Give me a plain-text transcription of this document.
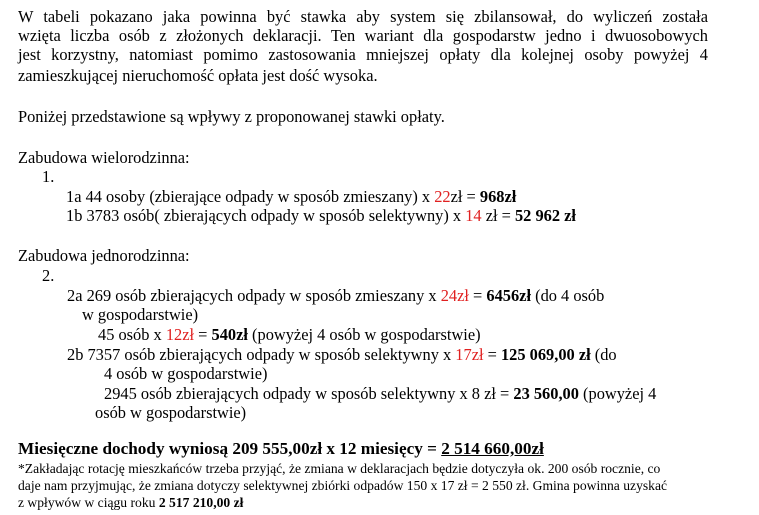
W tabeli pokazano jaka powinna być stawka aby system się zbilansował, do wyliczeń została
wzięta liczba osób z złożonych deklaracji. Ten wariant dla gospodarstw jedno i dwuosobowych
jest korzystny, natomiast pomimo zastosowania mniejszej opłaty dla kolejnej osoby powyżej 4
zamieszkującej nieruchomość opłata jest dość wysoka.
Poniżej przedstawione są wpływy z proponowanej stawki opłaty.
Zabudowa wielorodzinna:
1.
1a 44 osoby (zbierające odpady w sposób zmieszany) x 22zł = 968zł
1b 3783 osób( zbierających odpady w sposób selektywny) x 14 zł = 52 962 zł
Zabudowa jednorodzinna:
2.
2a 269 osób zbierających odpady w sposób zmieszany x 24zł = 6456zł (do 4 osób
w gospodarstwie)
45 osób x 12zł = 540zł (powyżej 4 osób w gospodarstwie)
2b 7357 osób zbierających odpady w sposób selektywny x 17zł = 125 069,00 zł (do
4 osób w gospodarstwie)
2945 osób zbierających odpady w sposób selektywny x 8 zł = 23 560,00 (powyżej 4
osób w gospodarstwie)
Miesięczne dochody wyniosą 209 555,00zł x 12 miesięcy = 2 514 660,00zł
*Zakładając rotację mieszkańców trzeba przyjąć, że zmiana w deklaracjach będzie dotyczyła ok. 200 osób rocznie, co
daje nam przyjmując, że zmiana dotyczy selektywnej zbiórki odpadów 150 x 17 zł = 2 550 zł. Gmina powinna uzyskać
z wpływów w ciągu roku 2 517 210,00 zł
